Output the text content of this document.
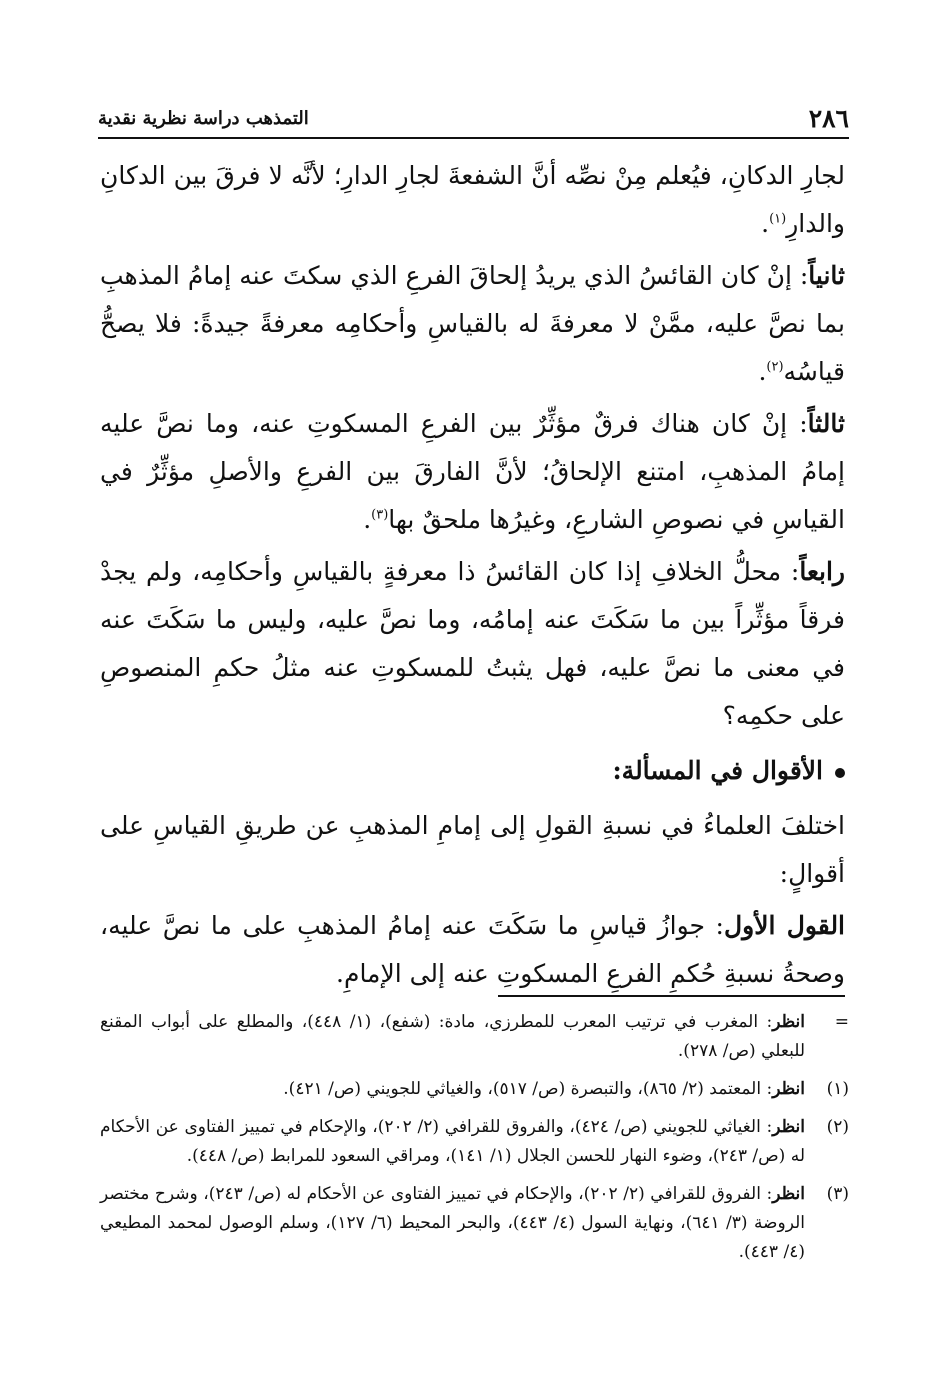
٢٨٦
التمذهب دراسة نظرية نقدية

لجارِ الدكانِ، فيُعلم مِنْ نصِّه أنَّ الشفعةَ لجارِ الدارِ؛ لأنَّه لا فرقَ بين الدكانِ والدارِ$^{(١)}$.

ثانياً: إنْ كان القائسُ الذي يريدُ إلحاقَ الفرعِ الذي سكتَ عنه إمامُ المذهبِ بما نصَّ عليه، ممَّنْ لا معرفةَ له بالقياسِ وأحكامِه معرفةً جيدةً: فلا يصحُّ قياسُه$^{(٢)}$.

ثالثاً: إنْ كان هناك فرقٌ مؤثِّرٌ بين الفرعِ المسكوتِ عنه، وما نصَّ عليه إمامُ المذهبِ، امتنع الإلحاقُ؛ لأنَّ الفارقَ بين الفرعِ والأصلِ مؤثِّرٌ في القياسِ في نصوصِ الشارعِ، وغيرُها ملحقٌ بها$^{(٣)}$.

رابعاً: محلُّ الخلافِ إذا كان القائسُ ذا معرفةٍ بالقياسِ وأحكامِه، ولم يجدْ فرقاً مؤثِّراً بين ما سَكَتَ عنه إمامُه، وما نصَّ عليه، وليس ما سَكَتَ عنه في معنى ما نصَّ عليه، فهل يثبتُ للمسكوتِ عنه مثلُ حكمِ المنصوصِ على حكمِه؟

الأقوال في المسألة:

اختلفَ العلماءُ في نسبةِ القولِ إلى إمامِ المذهبِ عن طريقِ القياسِ على أقوالٍ:

القول الأول: جوازُ قياسِ ما سَكَتَ عنه إمامُ المذهبِ على ما نصَّ عليه، وصحةُ نسبةِ حُكمِ الفرعِ المسكوتِ عنه إلى الإمامِ.

=
انظر: المغرب في ترتيب المعرب للمطرزي، مادة: (شفع)، (١/ ٤٤٨)، والمطلع على أبواب المقنع للبعلي (ص/ ٢٧٨).
(١)
انظر: المعتمد (٢/ ٨٦٥)، والتبصرة (ص/ ٥١٧)، والغياثي للجويني (ص/ ٤٢١).
(٢)
انظر: الغياثي للجويني (ص/ ٤٢٤)، والفروق للقرافي (٢/ ٢٠٢)، والإحكام في تمييز الفتاوى عن الأحكام له (ص/ ٢٤٣)، وضوء النهار للحسن الجلال (١/ ١٤١)، ومراقي السعود للمرابط (ص/ ٤٤٨).
(٣)
انظر: الفروق للقرافي (٢/ ٢٠٢)، والإحكام في تمييز الفتاوى عن الأحكام له (ص/ ٢٤٣)، وشرح مختصر الروضة (٣/ ٦٤١)، ونهاية السول (٤/ ٤٤٣)، والبحر المحيط (٦/ ١٢٧)، وسلم الوصول لمحمد المطيعي (٤/ ٤٤٣).
